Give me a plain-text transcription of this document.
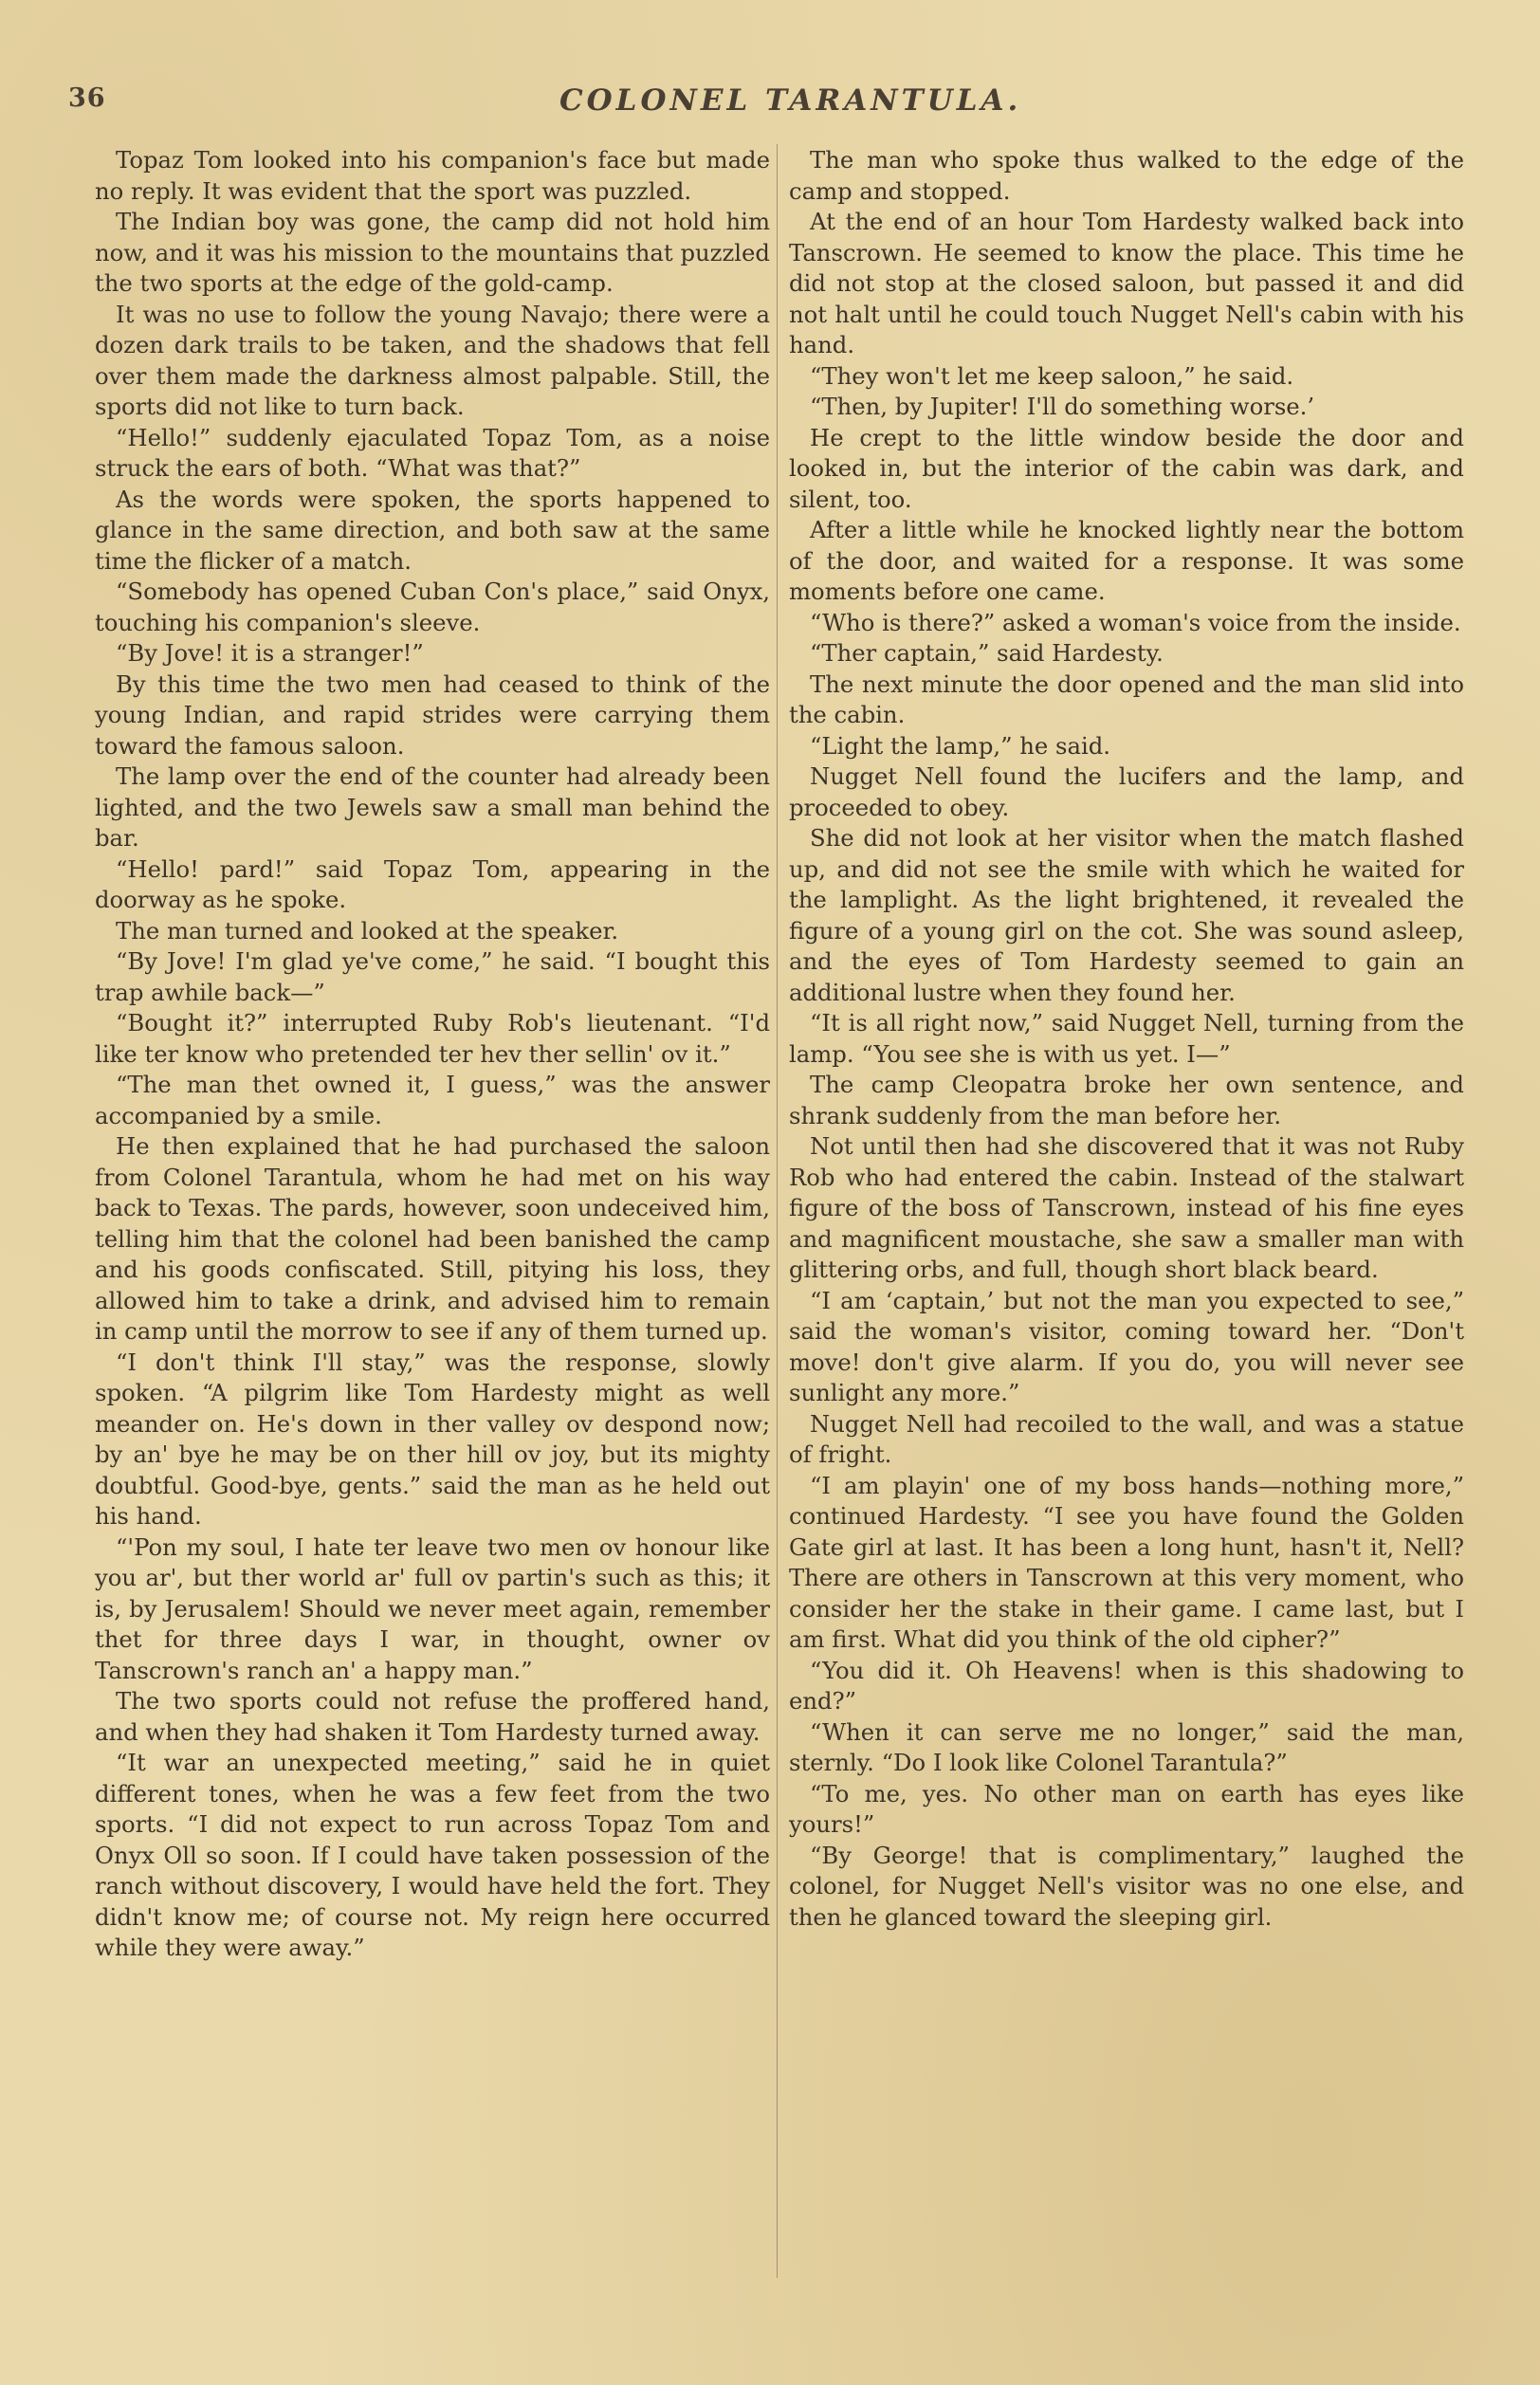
36	COLONEL TARANTULA.

Topaz Tom looked into his companion's face but made no reply. It was evident that the sport was puzzled.

The Indian boy was gone, the camp did not hold him now, and it was his mission to the mountains that puzzled the two sports at the edge of the gold-camp.

It was no use to follow the young Navajo; there were a dozen dark trails to be taken, and the shadows that fell over them made the darkness almost palpable. Still, the sports did not like to turn back.

“Hello!” suddenly ejaculated Topaz Tom, as a noise struck the ears of both. “What was that?”

As the words were spoken, the sports happened to glance in the same direction, and both saw at the same time the flicker of a match.

“Somebody has opened Cuban Con's place,” said Onyx, touching his companion's sleeve.

“By Jove! it is a stranger!”

By this time the two men had ceased to think of the young Indian, and rapid strides were carrying them toward the famous saloon.

The lamp over the end of the counter had already been lighted, and the two Jewels saw a small man behind the bar.

“Hello! pard!” said Topaz Tom, appearing in the doorway as he spoke.

The man turned and looked at the speaker.

“By Jove! I'm glad ye've come,” he said. “I bought this trap awhile back—”

“Bought it?” interrupted Ruby Rob's lieutenant. “I'd like ter know who pretended ter hev ther sellin' ov it.”

“The man thet owned it, I guess,” was the answer accompanied by a smile.

He then explained that he had purchased the saloon from Colonel Tarantula, whom he had met on his way back to Texas. The pards, however, soon undeceived him, telling him that the colonel had been banished the camp and his goods confiscated. Still, pitying his loss, they allowed him to take a drink, and advised him to remain in camp until the morrow to see if any of them turned up.

“I don't think I'll stay,” was the response, slowly spoken. “A pilgrim like Tom Hardesty might as well meander on. He's down in ther valley ov despond now; by an' bye he may be on ther hill ov joy, but its mighty doubtful. Good-bye, gents.” said the man as he held out his hand.

“'Pon my soul, I hate ter leave two men ov honour like you ar', but ther world ar' full ov partin's such as this; it is, by Jerusalem! Should we never meet again, remember thet for three days I war, in thought, owner ov Tanscrown's ranch an' a happy man.”

The two sports could not refuse the proffered hand, and when they had shaken it Tom Hardesty turned away.

“It war an unexpected meeting,” said he in quiet different tones, when he was a few feet from the two sports. “I did not expect to run across Topaz Tom and Onyx Oll so soon. If I could have taken possession of the ranch without discovery, I would have held the fort. They didn't know me; of course not. My reign here occurred while they were away.”

The man who spoke thus walked to the edge of the camp and stopped.

At the end of an hour Tom Hardesty walked back into Tanscrown. He seemed to know the place. This time he did not stop at the closed saloon, but passed it and did not halt until he could touch Nugget Nell's cabin with his hand.

“They won't let me keep saloon,” he said.

“Then, by Jupiter! I'll do something worse.’

He crept to the little window beside the door and looked in, but the interior of the cabin was dark, and silent, too.

After a little while he knocked lightly near the bottom of the door, and waited for a response. It was some moments before one came.

“Who is there?” asked a woman's voice from the inside.

“Ther captain,” said Hardesty.

The next minute the door opened and the man slid into the cabin.

“Light the lamp,” he said.

Nugget Nell found the lucifers and the lamp, and proceeded to obey.

She did not look at her visitor when the match flashed up, and did not see the smile with which he waited for the lamplight. As the light brightened, it revealed the figure of a young girl on the cot. She was sound asleep, and the eyes of Tom Hardesty seemed to gain an additional lustre when they found her.

“It is all right now,” said Nugget Nell, turning from the lamp. “You see she is with us yet. I—”

The camp Cleopatra broke her own sentence, and shrank suddenly from the man before her.

Not until then had she discovered that it was not Ruby Rob who had entered the cabin. Instead of the stalwart figure of the boss of Tanscrown, instead of his fine eyes and magnificent moustache, she saw a smaller man with glittering orbs, and full, though short black beard.

“I am ‘captain,’ but not the man you expected to see,” said the woman's visitor, coming toward her. “Don't move! don't give alarm. If you do, you will never see sunlight any more.”

Nugget Nell had recoiled to the wall, and was a statue of fright.

“I am playin' one of my boss hands—nothing more,” continued Hardesty. “I see you have found the Golden Gate girl at last. It has been a long hunt, hasn't it, Nell? There are others in Tanscrown at this very moment, who consider her the stake in their game. I came last, but I am first. What did you think of the old cipher?”

“You did it. Oh Heavens! when is this shadowing to end?”

“When it can serve me no longer,” said the man, sternly. “Do I look like Colonel Tarantula?”

“To me, yes. No other man on earth has eyes like yours!”

“By George! that is complimentary,” laughed the colonel, for Nugget Nell's visitor was no one else, and then he glanced toward the sleeping girl.
